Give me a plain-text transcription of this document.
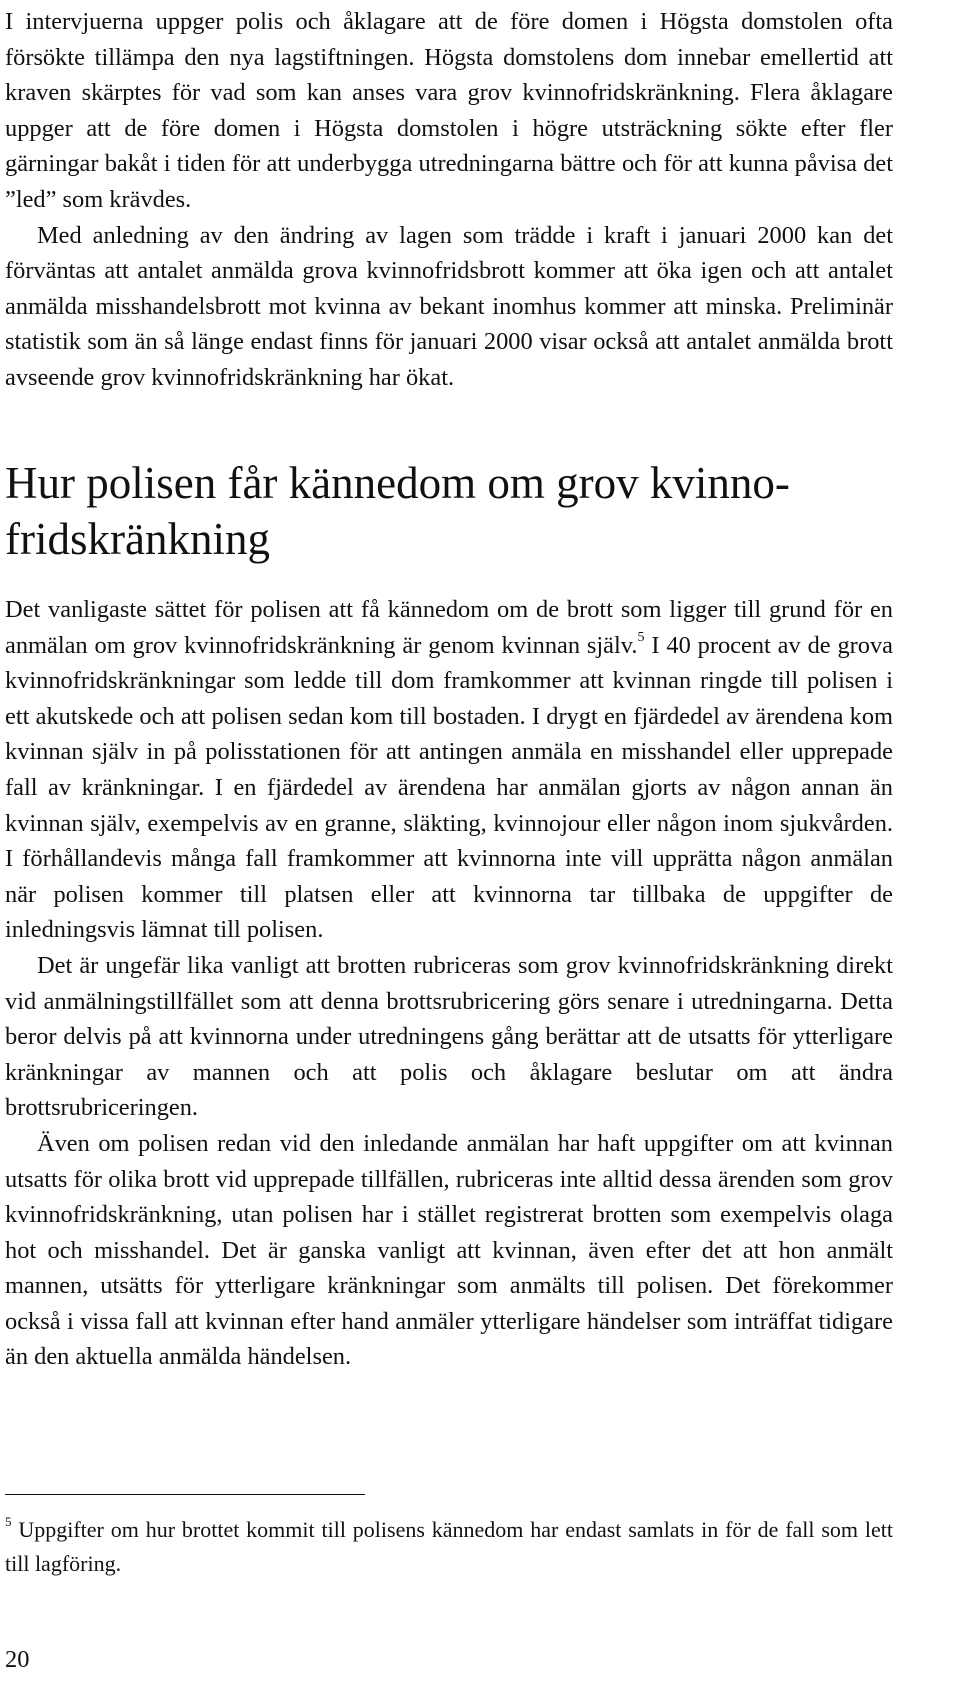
I intervjuerna uppger polis och åklagare att de före domen i Högsta domstolen ofta försökte tillämpa den nya lagstiftningen. Högsta domstolens dom innebar emellertid att kraven skärptes för vad som kan anses vara grov kvinnofridskränkning. Flera åklagare uppger att de före domen i Högsta domstolen i högre utsträckning sökte efter fler gärningar bakåt i tiden för att underbygga utredningarna bättre och för att kunna påvisa det ”led” som krävdes.

Med anledning av den ändring av lagen som trädde i kraft i januari 2000 kan det förväntas att antalet anmälda grova kvinnofridsbrott kommer att öka igen och att antalet anmälda misshandelsbrott mot kvinna av bekant inomhus kommer att minska. Preliminär statistik som än så länge endast finns för januari 2000 visar också att antalet anmälda brott avseende grov kvinnofridskränkning har ökat.

Hur polisen får kännedom om grov kvinnofridskränkning

Det vanligaste sättet för polisen att få kännedom om de brott som ligger till grund för en anmälan om grov kvinnofridskränkning är genom kvinnan själv.$^5$ I 40 procent av de grova kvinnofridskränkningar som ledde till dom framkommer att kvinnan ringde till polisen i ett akutskede och att polisen sedan kom till bostaden. I drygt en fjärdedel av ärendena kom kvinnan själv in på polisstationen för att antingen anmäla en misshandel eller upprepade fall av kränkningar. I en fjärdedel av ärendena har anmälan gjorts av någon annan än kvinnan själv, exempelvis av en granne, släkting, kvinnojour eller någon inom sjukvården. I förhållandevis många fall framkommer att kvinnorna inte vill upprätta någon anmälan när polisen kommer till platsen eller att kvinnorna tar tillbaka de uppgifter de inledningsvis lämnat till polisen.

Det är ungefär lika vanligt att brotten rubriceras som grov kvinnofridskränkning direkt vid anmälningstillfället som att denna brottsrubricering görs senare i utredningarna. Detta beror delvis på att kvinnorna under utredningens gång berättar att de utsatts för ytterligare kränkningar av mannen och att polis och åklagare beslutar om att ändra brottsrubriceringen.

Även om polisen redan vid den inledande anmälan har haft uppgifter om att kvinnan utsatts för olika brott vid upprepade tillfällen, rubriceras inte alltid dessa ärenden som grov kvinnofridskränkning, utan polisen har i stället registrerat brotten som exempelvis olaga hot och misshandel. Det är ganska vanligt att kvinnan, även efter det att hon anmält mannen, utsätts för ytterligare kränkningar som anmälts till polisen. Det förekommer också i vissa fall att kvinnan efter hand anmäler ytterligare händelser som inträffat tidigare än den aktuella anmälda händelsen.

$^5$ Uppgifter om hur brottet kommit till polisens kännedom har endast samlats in för de fall som lett till lagföring.

20
